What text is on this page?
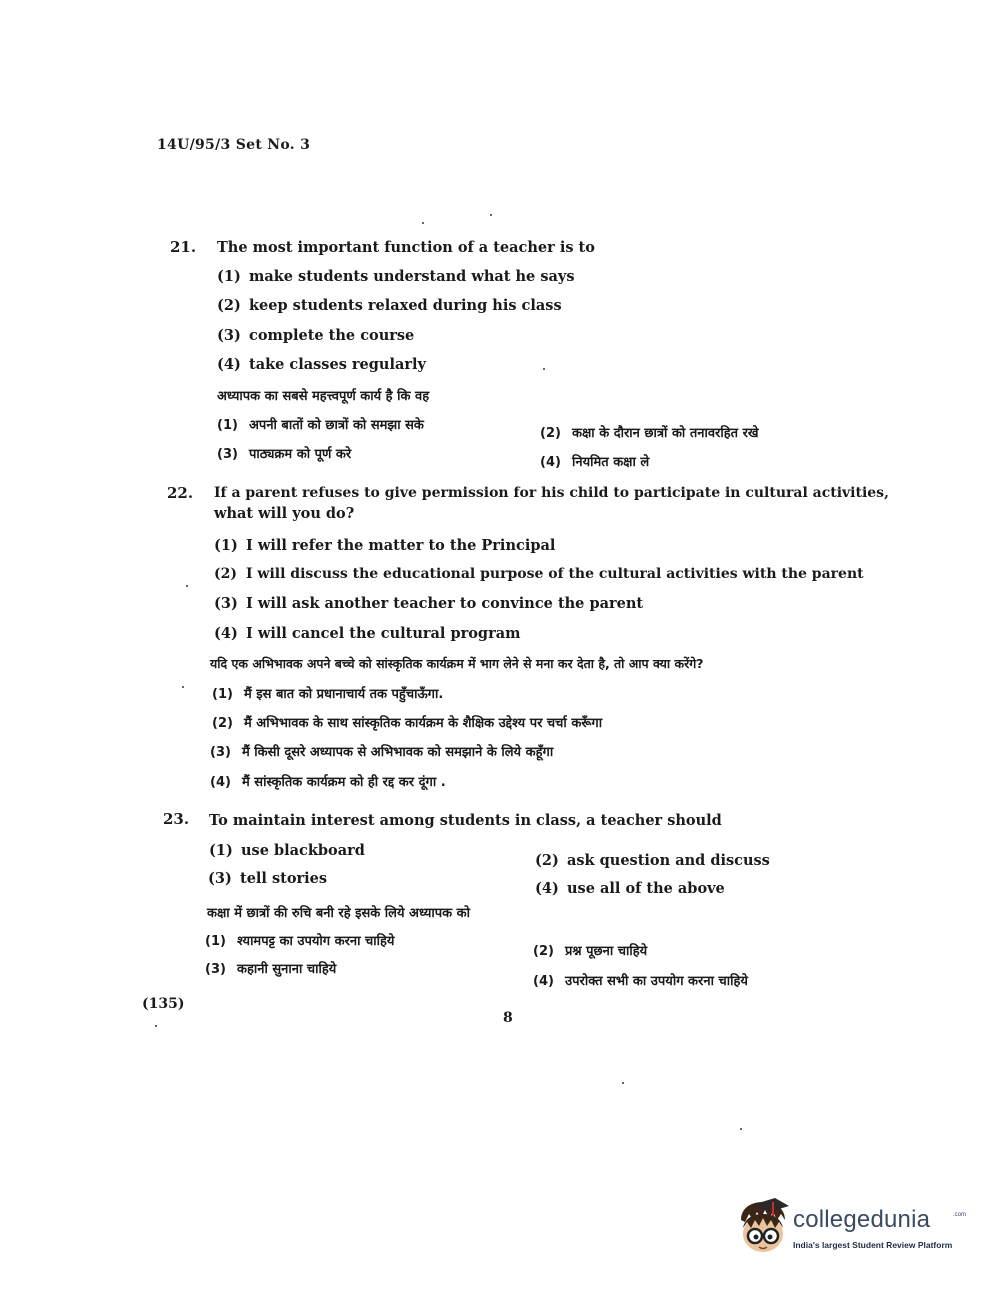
14U/95/3 Set No. 3
21. The most important function of a teacher is to
(1) make students understand what he says
(2) keep students relaxed during his class
(3) complete the course
(4) take classes regularly
अध्यापक का सबसे महत्त्वपूर्ण कार्य है कि वह
(1) अपनी बातों को छात्रों को समझा सके
(2) कक्षा के दौरान छात्रों को तनावरहित रखे
(3) पाठ्यक्रम को पूर्ण करे
(4) नियमित कक्षा ले
22. If a parent refuses to give permission for his child to participate in cultural activities,
what will you do?
(1) I will refer the matter to the Principal
(2) I will discuss the educational purpose of the cultural activities with the parent
(3) I will ask another teacher to convince the parent
(4) I will cancel the cultural program
यदि एक अभिभावक अपने बच्चे को सांस्कृतिक कार्यक्रम में भाग लेने से मना कर देता है, तो आप क्या करेंगे?
(1) मैं इस बात को प्रधानाचार्य तक पहुँचाऊँगा.
(2) मैं अभिभावक के साथ सांस्कृतिक कार्यक्रम के शैक्षिक उद्देश्य पर चर्चा करूँगा
(3) मैं किसी दूसरे अध्यापक से अभिभावक को समझाने के लिये कहूँगा
(4) मैं सांस्कृतिक कार्यक्रम को ही रद्द कर दूंगा .
23. To maintain interest among students in class, a teacher should
(1) use blackboard
(2) ask question and discuss
(3) tell stories
(4) use all of the above
कक्षा में छात्रों की रुचि बनी रहे इसके लिये अध्यापक को
(1) श्यामपट्ट का उपयोग करना चाहिये
(2) प्रश्न पूछना चाहिये
(3) कहानी सुनाना चाहिये
(4) उपरोक्त सभी का उपयोग करना चाहिये
(135)
8
collegedunia	.com
India's largest Student Review Platform
